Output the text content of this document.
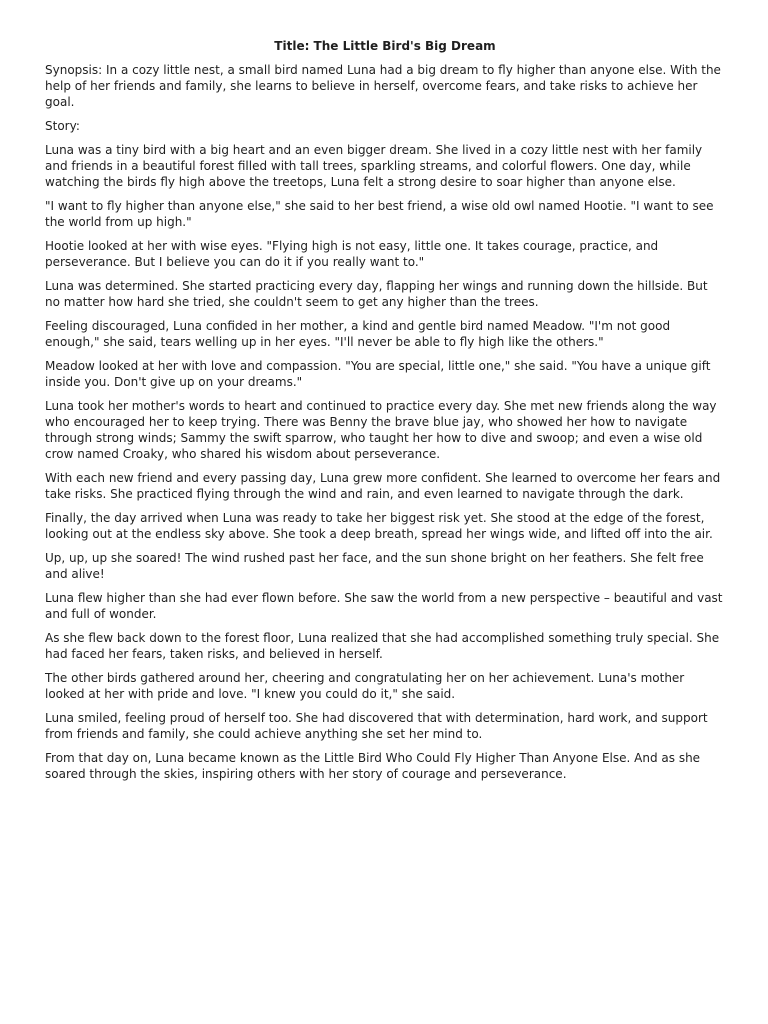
Title: The Little Bird's Big Dream

Synopsis: In a cozy little nest, a small bird named Luna had a big dream to fly higher than anyone else. With the help of her friends and family, she learns to believe in herself, overcome fears, and take risks to achieve her goal.

Story:

Luna was a tiny bird with a big heart and an even bigger dream. She lived in a cozy little nest with her family and friends in a beautiful forest filled with tall trees, sparkling streams, and colorful flowers. One day, while watching the birds fly high above the treetops, Luna felt a strong desire to soar higher than anyone else.

"I want to fly higher than anyone else," she said to her best friend, a wise old owl named Hootie. "I want to see the world from up high."

Hootie looked at her with wise eyes. "Flying high is not easy, little one. It takes courage, practice, and perseverance. But I believe you can do it if you really want to."

Luna was determined. She started practicing every day, flapping her wings and running down the hillside. But no matter how hard she tried, she couldn't seem to get any higher than the trees.

Feeling discouraged, Luna confided in her mother, a kind and gentle bird named Meadow. "I'm not good enough," she said, tears welling up in her eyes. "I'll never be able to fly high like the others."

Meadow looked at her with love and compassion. "You are special, little one," she said. "You have a unique gift inside you. Don't give up on your dreams."

Luna took her mother's words to heart and continued to practice every day. She met new friends along the way who encouraged her to keep trying. There was Benny the brave blue jay, who showed her how to navigate through strong winds; Sammy the swift sparrow, who taught her how to dive and swoop; and even a wise old crow named Croaky, who shared his wisdom about perseverance.

With each new friend and every passing day, Luna grew more confident. She learned to overcome her fears and take risks. She practiced flying through the wind and rain, and even learned to navigate through the dark.

Finally, the day arrived when Luna was ready to take her biggest risk yet. She stood at the edge of the forest, looking out at the endless sky above. She took a deep breath, spread her wings wide, and lifted off into the air.

Up, up, up she soared! The wind rushed past her face, and the sun shone bright on her feathers. She felt free and alive!

Luna flew higher than she had ever flown before. She saw the world from a new perspective – beautiful and vast and full of wonder.

As she flew back down to the forest floor, Luna realized that she had accomplished something truly special. She had faced her fears, taken risks, and believed in herself.

The other birds gathered around her, cheering and congratulating her on her achievement. Luna's mother looked at her with pride and love. "I knew you could do it," she said.

Luna smiled, feeling proud of herself too. She had discovered that with determination, hard work, and support from friends and family, she could achieve anything she set her mind to.

From that day on, Luna became known as the Little Bird Who Could Fly Higher Than Anyone Else. And as she soared through the skies, inspiring others with her story of courage and perseverance.
